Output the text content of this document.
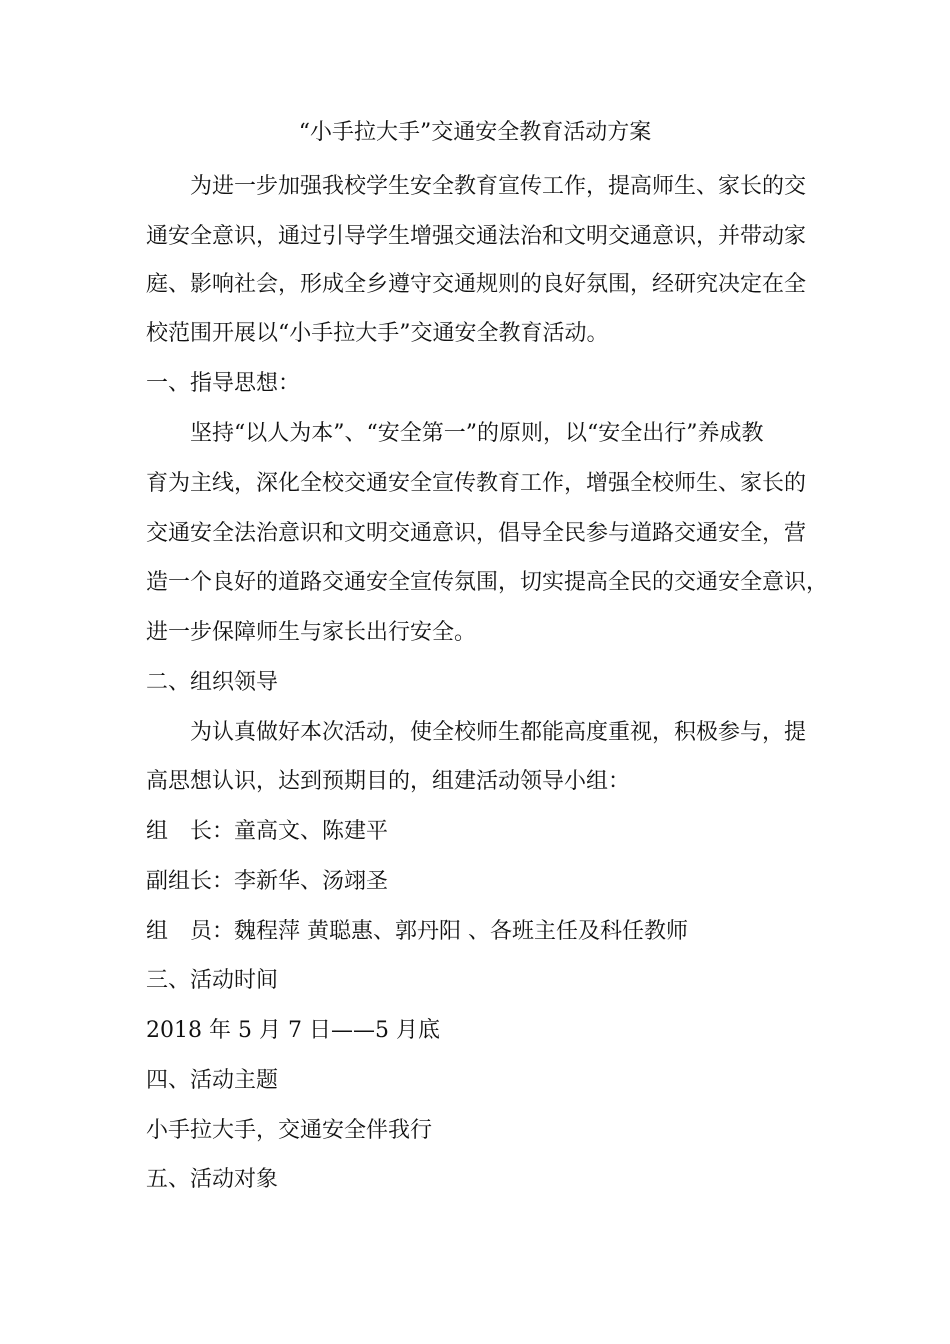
“小手拉大手”交通安全教育活动方案
为进一步加强我校学生安全教育宣传工作，提高师生、家长的交
通安全意识，通过引导学生增强交通法治和文明交通意识，并带动家
庭、影响社会，形成全乡遵守交通规则的良好氛围，经研究决定在全
校范围开展以“小手拉大手”交通安全教育活动。
一、指导思想：
坚持“以人为本”、“安全第一”的原则，以“安全出行”养成教
育为主线，深化全校交通安全宣传教育工作，增强全校师生、家长的
交通安全法治意识和文明交通意识，倡导全民参与道路交通安全，营
造一个良好的道路交通安全宣传氛围，切实提高全民的交通安全意识，
进一步保障师生与家长出行安全。
二、组织领导
为认真做好本次活动，使全校师生都能高度重视，积极参与，提
高思想认识，达到预期目的，组建活动领导小组：
组　长：童高文、陈建平
副组长：李新华、汤翊圣
组　员：魏程萍 黄聪惠、郭丹阳 、各班主任及科任教师
三、活动时间
2018 年 5 月 7 日——5 月底
四、活动主题
小手拉大手，交通安全伴我行
五、活动对象
